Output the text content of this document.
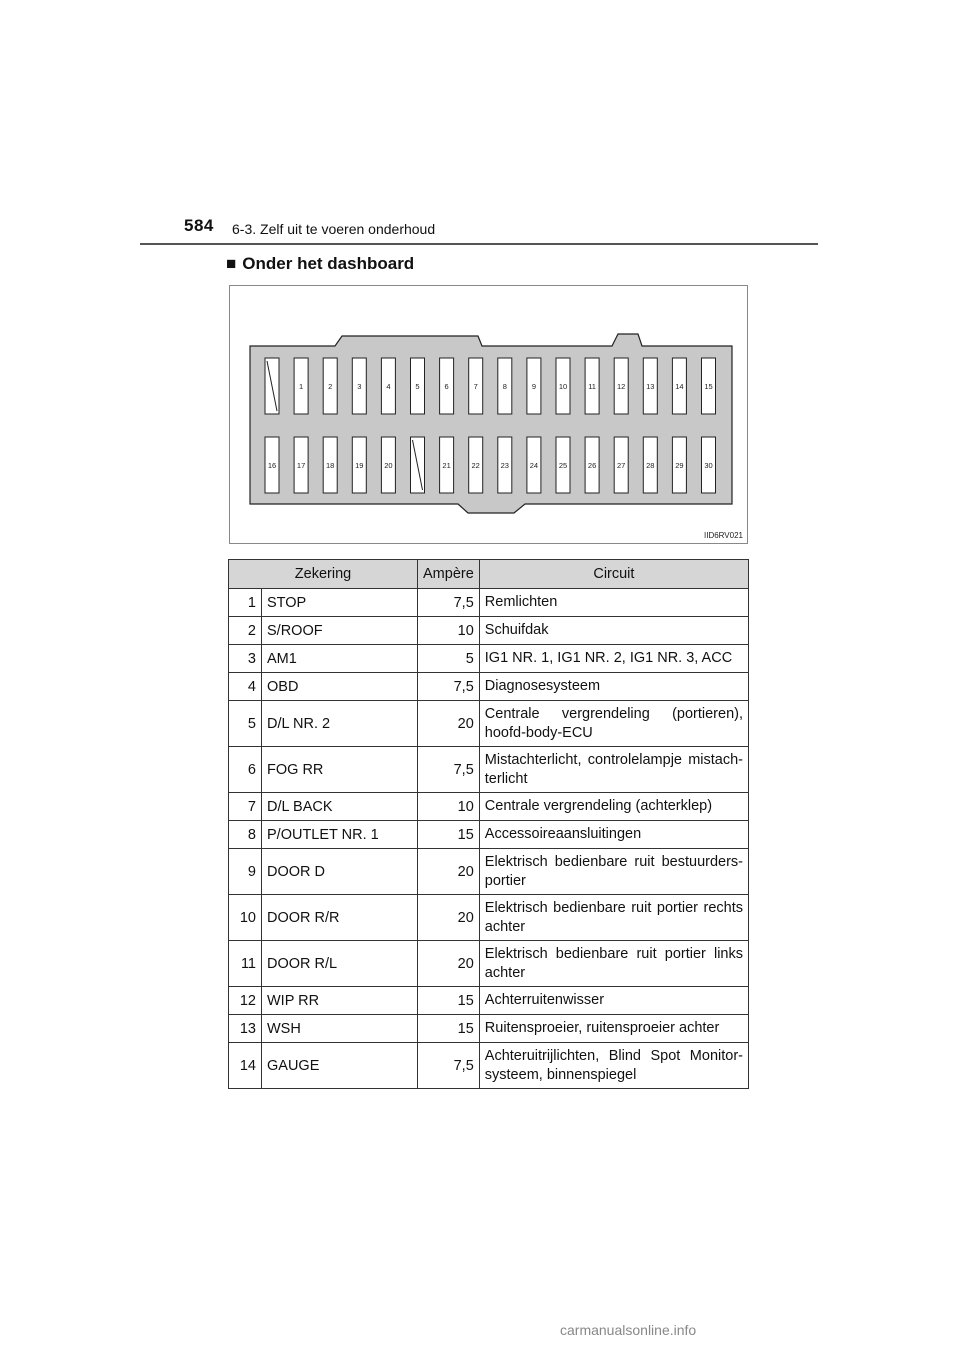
584 6-3. Zelf uit te voeren onderhoud
■ Onder het dashboard
1	2	3	4	5	6	7	8	9	10	11	12	13	14	15
16	17	18	19	20	21	22	23	24	25	26	27	28	29	30
IID6RV021
Zekering		Ampère	Circuit
1	STOP	7,5	Remlichten
2	S/ROOF	10	Schuifdak
3	AM1	5	IG1 NR. 1, IG1 NR. 2, IG1 NR. 3, ACC
4	OBD	7,5	Diagnosesysteem
5	D/L NR. 2	20	Centrale vergrendeling (portieren), hoofd-body-ECU
6	FOG RR	7,5	Mistachterlicht, controlelampje mistach-terlicht
7	D/L BACK	10	Centrale vergrendeling (achterklep)
8	P/OUTLET NR. 1	15	Accessoireaansluitingen
9	DOOR D	20	Elektrisch bedienbare ruit bestuurders-portier
10	DOOR R/R	20	Elektrisch bedienbare ruit portier rechts achter
11	DOOR R/L	20	Elektrisch bedienbare ruit portier links achter
12	WIP RR	15	Achterruitenwisser
13	WSH	15	Ruitensproeier, ruitensproeier achter
14	GAUGE	7,5	Achteruitrijlichten, Blind Spot Monitor-systeem, binnenspiegel
carmanualsonline.info
